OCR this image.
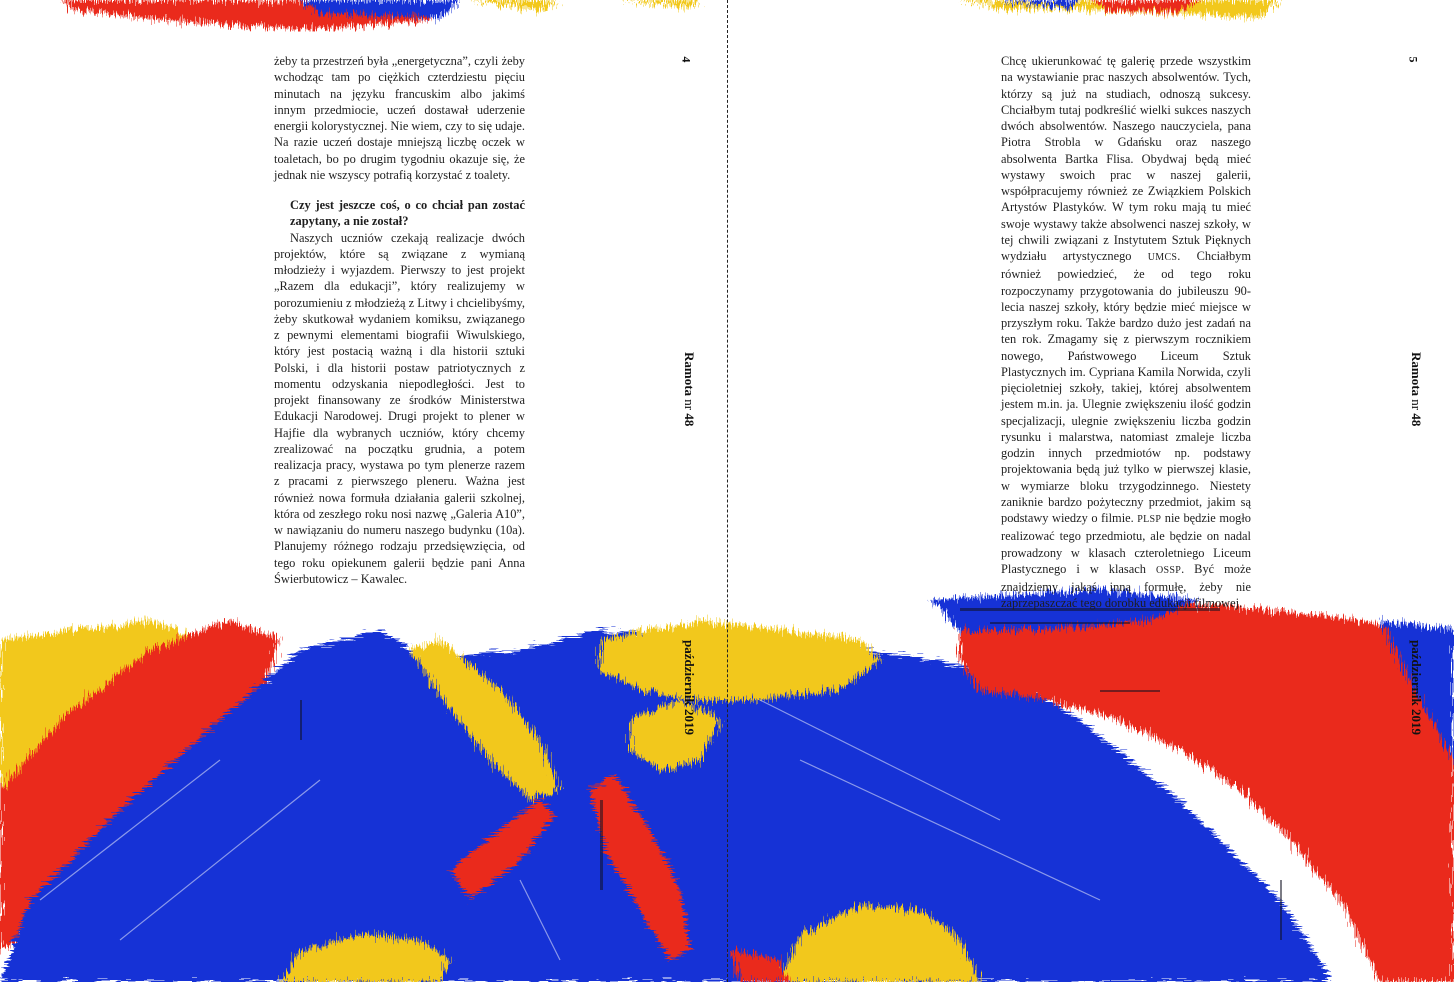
żeby ta przestrzeń była „energetyczna”, czyli żeby wchodząc tam po ciężkich czterdziestu pięciu minutach na języku francuskim albo jakimś innym przedmiocie, uczeń dostawał uderzenie energii kolorystycznej. Nie wiem, czy to się udaje. Na razie uczeń dostaje mniejszą liczbę oczek w toaletach, bo po drugim tygodniu okazuje się, że jednak nie wszyscy potrafią korzystać z toalety.

Czy jest jeszcze coś, o co chciał pan zostać zapytany, a nie został?

Naszych uczniów czekają realizacje dwóch projektów, które są związane z wymianą młodzieży i wyjazdem. Pierwszy to jest projekt „Razem dla edukacji”, który realizujemy w porozumieniu z młodzieżą z Litwy i chcielibyśmy, żeby skutkował wydaniem komiksu, związanego z pewnymi elementami biografii Wiwulskiego, który jest postacią ważną i dla historii sztuki Polski, i dla historii postaw patriotycznych z momentu odzyskania niepodległości. Jest to projekt finansowany ze środków Ministerstwa Edukacji Narodowej. Drugi projekt to plener w Hajfie dla wybranych uczniów, który chcemy zrealizować na początku grudnia, a potem realizacja pracy, wystawa po tym plenerze razem z pracami z pierwszego pleneru. Ważna jest również nowa formuła działania galerii szkolnej, która od zeszłego roku nosi nazwę „Galeria A10”, w nawiązaniu do numeru naszego budynku (10a). Planujemy różnego rodzaju przedsięwzięcia, od tego roku opiekunem galerii będzie pani Anna Świerbutowicz – Kawalec.

Chcę ukierunkować tę galerię przede wszystkim na wystawianie prac naszych absolwentów. Tych, którzy są już na studiach, odnoszą sukcesy. Chciałbym tutaj podkreślić wielki sukces naszych dwóch absolwentów. Naszego nauczyciela, pana Piotra Strobla w Gdańsku oraz naszego absolwenta Bartka Flisa. Obydwaj będą mieć wystawy swoich prac w naszej galerii, współpracujemy również ze Związkiem Polskich Artystów Plastyków. W tym roku mają tu mieć swoje wystawy także absolwenci naszej szkoły, w tej chwili związani z Instytutem Sztuk Pięknych wydziału artystycznego UMCS. Chciałbym również powiedzieć, że od tego roku rozpoczynamy przygotowania do jubileuszu 90-lecia naszej szkoły, który będzie mieć miejsce w przyszłym roku. Także bardzo dużo jest zadań na ten rok. Zmagamy się z pierwszym rocznikiem nowego, Państwowego Liceum Sztuk Plastycznych im. Cypriana Kamila Norwida, czyli pięcioletniej szkoły, takiej, której absolwentem jestem m.in. ja. Ulegnie zwiększeniu ilość godzin specjalizacji, ulegnie zwiększeniu liczba godzin rysunku i malarstwa, natomiast zmaleje liczba godzin innych przedmiotów np. podstawy projektowania będą już tylko w pierwszej klasie, w wymiarze bloku trzygodzinnego. Niestety zaniknie bardzo pożyteczny przedmiot, jakim są podstawy wiedzy o filmie. PLSP nie będzie mogło realizować tego przedmiotu, ale będzie on nadal prowadzony w klasach czteroletniego Liceum Plastycznego i w klasach OSSP. Być może znajdziemy jakąś inną formułę, żeby nie zaprzepaszczać tego dorobku edukacji filmowej.

4
Ramota nr 48
październik 2019
5
Ramota nr 48
październik 2019
